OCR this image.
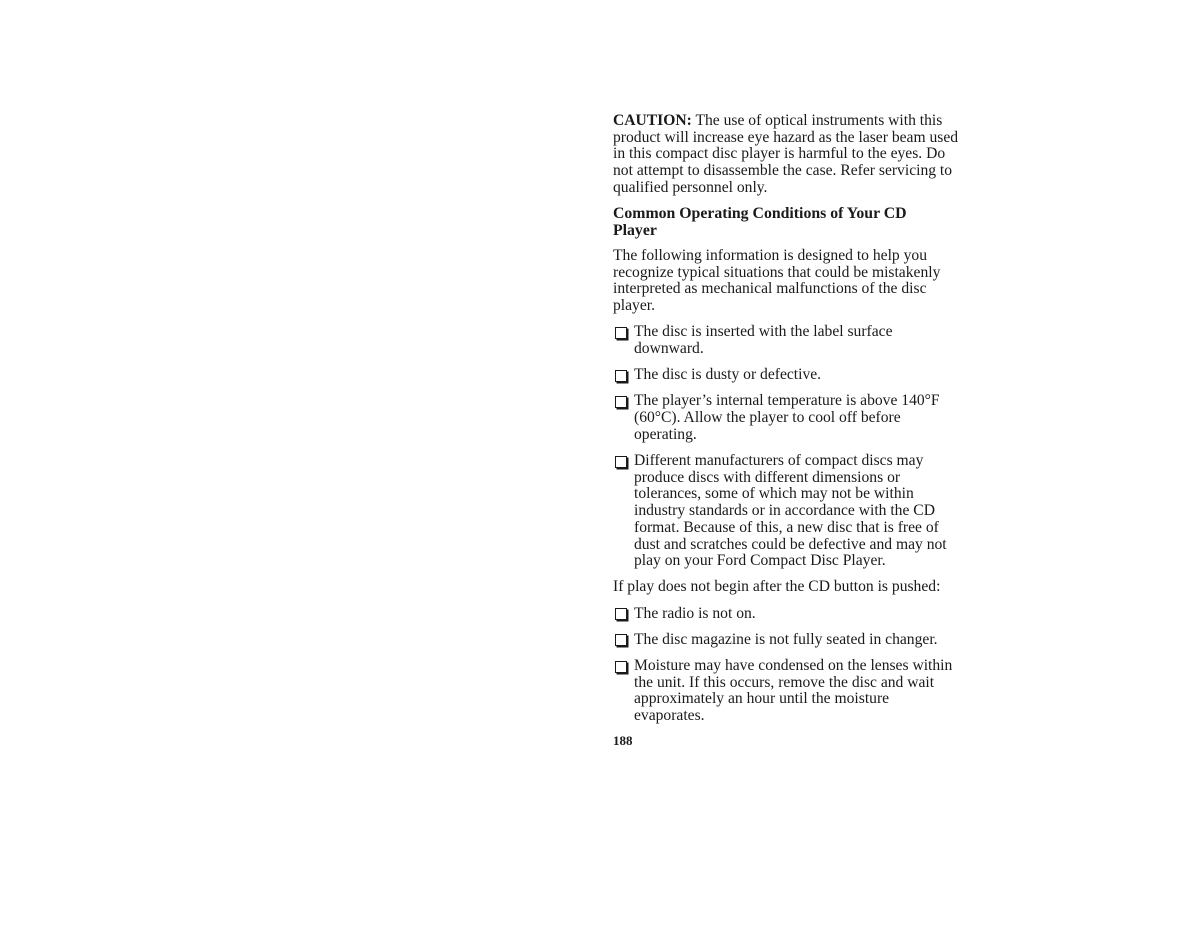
CAUTION: The use of optical instruments with this product will increase eye hazard as the laser beam used in this compact disc player is harmful to the eyes. Do not attempt to disassemble the case. Refer servicing to qualified personnel only.

Common Operating Conditions of Your CD Player

The following information is designed to help you recognize typical situations that could be mistakenly interpreted as mechanical malfunctions of the disc player.

The disc is inserted with the label surface downward.
The disc is dusty or defective.
The player’s internal temperature is above 140°F (60°C). Allow the player to cool off before operating.
Different manufacturers of compact discs may produce discs with different dimensions or tolerances, some of which may not be within industry standards or in accordance with the CD format. Because of this, a new disc that is free of dust and scratches could be defective and may not play on your Ford Compact Disc Player.

If play does not begin after the CD button is pushed:

The radio is not on.
The disc magazine is not fully seated in changer.
Moisture may have condensed on the lenses within the unit. If this occurs, remove the disc and wait approximately an hour until the moisture evaporates.
188
